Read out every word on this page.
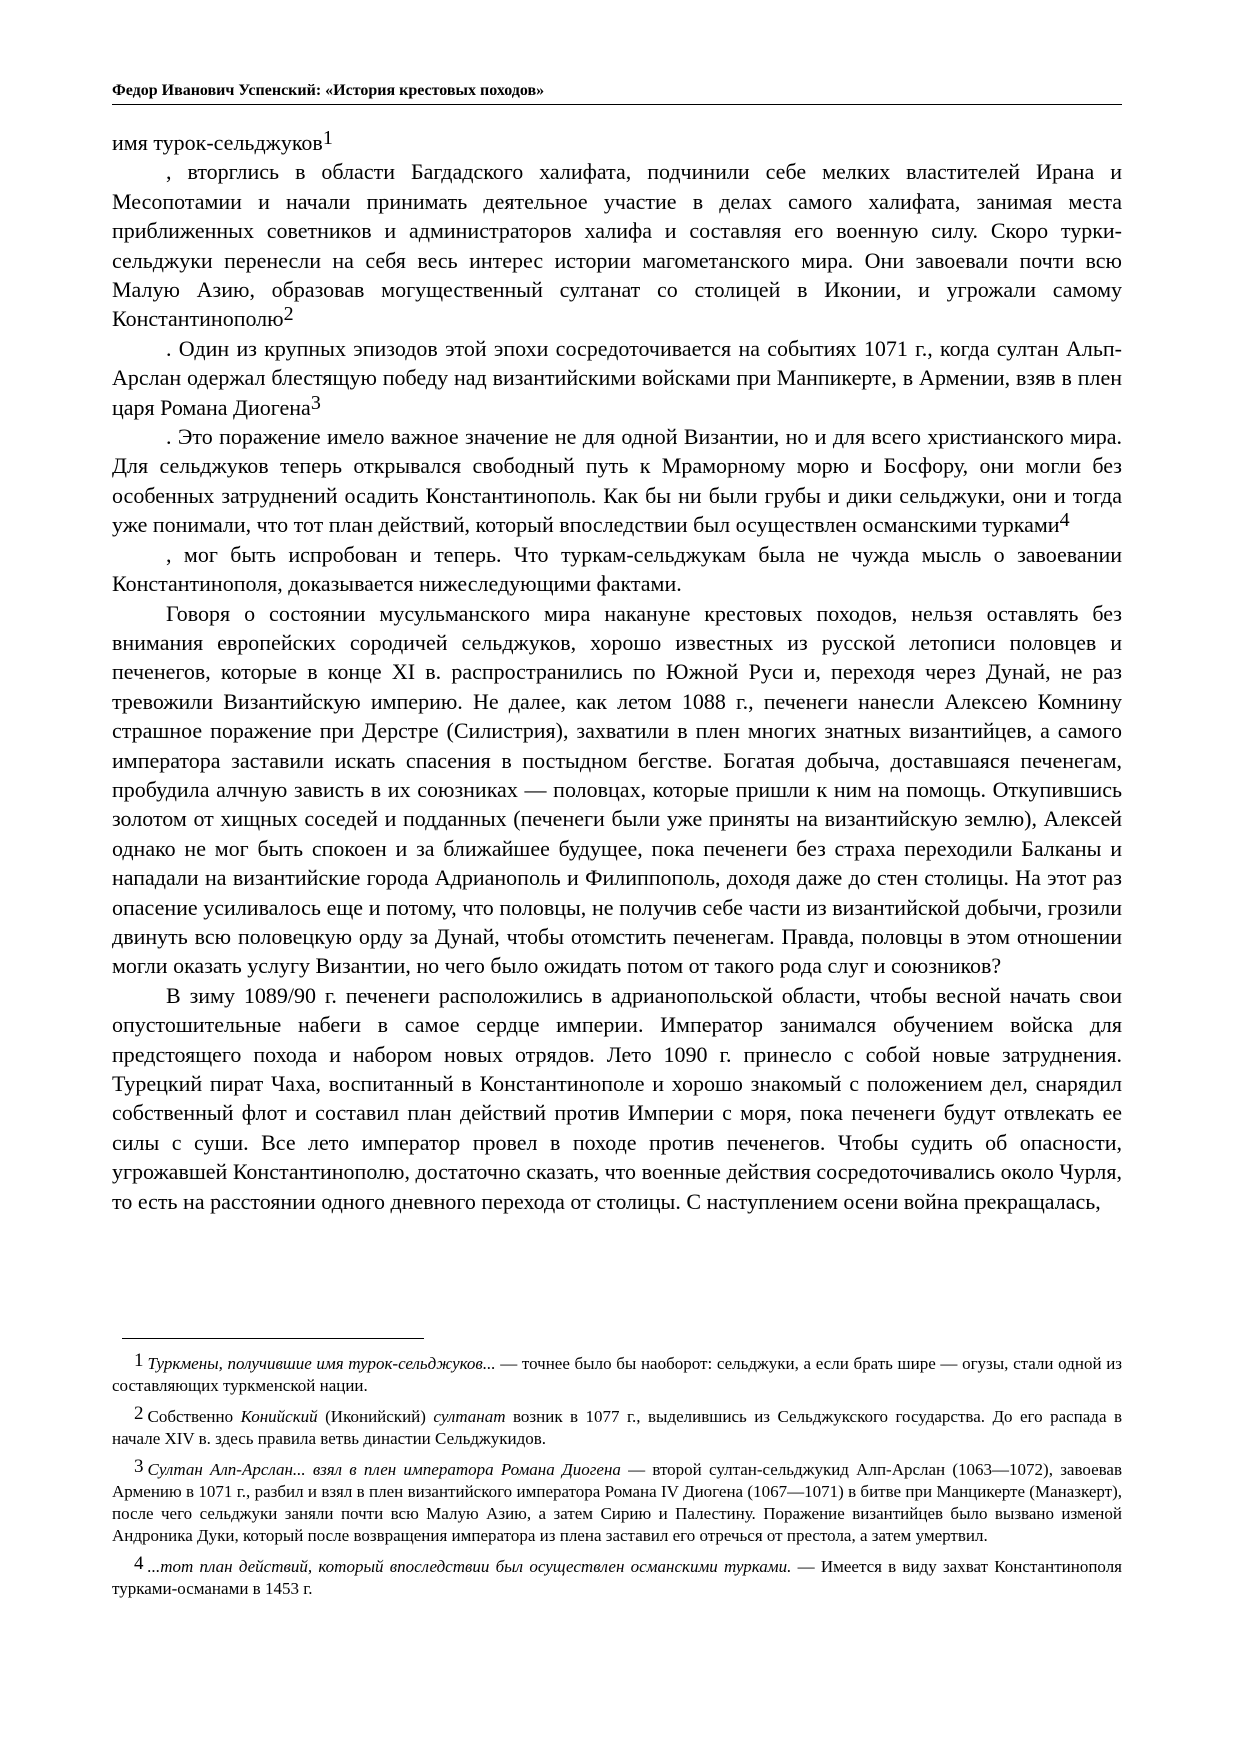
Федор Иванович Успенский: «История крестовых походов»

имя турок-сельджуков$^1$

, вторглись в области Багдадского халифата, подчинили себе мелких властителей Ирана и Месопотамии и начали принимать деятельное участие в делах самого халифата, занимая места приближенных советников и администраторов халифа и составляя его военную силу. Скоро турки-сельджуки перенесли на себя весь интерес истории магометанского мира. Они завоевали почти всю Малую Азию, образовав могущественный султанат со столицей в Иконии, и угрожали самому Константинополю$^2$

. Один из крупных эпизодов этой эпохи сосредоточивается на событиях 1071 г., когда султан Альп-Арслан одержал блестящую победу над византийскими войсками при Манпикерте, в Армении, взяв в плен царя Романа Диогена$^3$

. Это поражение имело важное значение не для одной Византии, но и для всего христианского мира. Для сельджуков теперь открывался свободный путь к Мраморному морю и Босфору, они могли без особенных затруднений осадить Константинополь. Как бы ни были грубы и дики сельджуки, они и тогда уже понимали, что тот план действий, который впоследствии был осуществлен османскими турками$^4$

, мог быть испробован и теперь. Что туркам-сельджукам была не чужда мысль о завоевании Константинополя, доказывается нижеследующими фактами.

Говоря о состоянии мусульманского мира накануне крестовых походов, нельзя оставлять без внимания европейских сородичей сельджуков, хорошо известных из русской летописи половцев и печенегов, которые в конце XI в. распространились по Южной Руси и, переходя через Дунай, не раз тревожили Византийскую империю. Не далее, как летом 1088 г., печенеги нанесли Алексею Комнину страшное поражение при Дерстре (Силистрия), захватили в плен многих знатных византийцев, а самого императора заставили искать спасения в постыдном бегстве. Богатая добыча, доставшаяся печенегам, пробудила алчную зависть в их союзниках — половцах, которые пришли к ним на помощь. Откупившись золотом от хищных соседей и подданных (печенеги были уже приняты на византийскую землю), Алексей однако не мог быть спокоен и за ближайшее будущее, пока печенеги без страха переходили Балканы и нападали на византийские города Адрианополь и Филиппополь, доходя даже до стен столицы. На этот раз опасение усиливалось еще и потому, что половцы, не получив себе части из византийской добычи, грозили двинуть всю половецкую орду за Дунай, чтобы отомстить печенегам. Правда, половцы в этом отношении могли оказать услугу Византии, но чего было ожидать потом от такого рода слуг и союзников?

В зиму 1089/90 г. печенеги расположились в адрианопольской области, чтобы весной начать свои опустошительные набеги в самое сердце империи. Император занимался обучением войска для предстоящего похода и набором новых отрядов. Лето 1090 г. принесло с собой новые затруднения. Турецкий пират Чаха, воспитанный в Константинополе и хорошо знакомый с положением дел, снарядил собственный флот и составил план действий против Империи с моря, пока печенеги будут отвлекать ее силы с суши. Все лето император провел в походе против печенегов. Чтобы судить об опасности, угрожавшей Константинополю, достаточно сказать, что военные действия сосредоточивались около Чурля, то есть на расстоянии одного дневного перехода от столицы. С наступлением осени война прекращалась,

1 Туркмены, получившие имя турок-сельджуков... — точнее было бы наоборот: сельджуки, а если брать шире — огузы, стали одной из составляющих туркменской нации.

2 Собственно Конийский (Иконийский) султанат возник в 1077 г., выделившись из Сельджукского государства. До его распада в начале XIV в. здесь правила ветвь династии Сельджукидов.

3 Султан Алп-Арслан... взял в плен императора Романа Диогена — второй султан-сельджукид Алп-Арслан (1063—1072), завоевав Армению в 1071 г., разбил и взял в плен византийского императора Романа IV Диогена (1067—1071) в битве при Манцикерте (Маназкерт), после чего сельджуки заняли почти всю Малую Азию, а затем Сирию и Палестину. Поражение византийцев было вызвано изменой Андроника Дуки, который после возвращения императора из плена заставил его отречься от престола, а затем умертвил.

4 ...тот план действий, который впоследствии был осуществлен османскими турками. — Имеется в виду захват Константинополя турками-османами в 1453 г.
